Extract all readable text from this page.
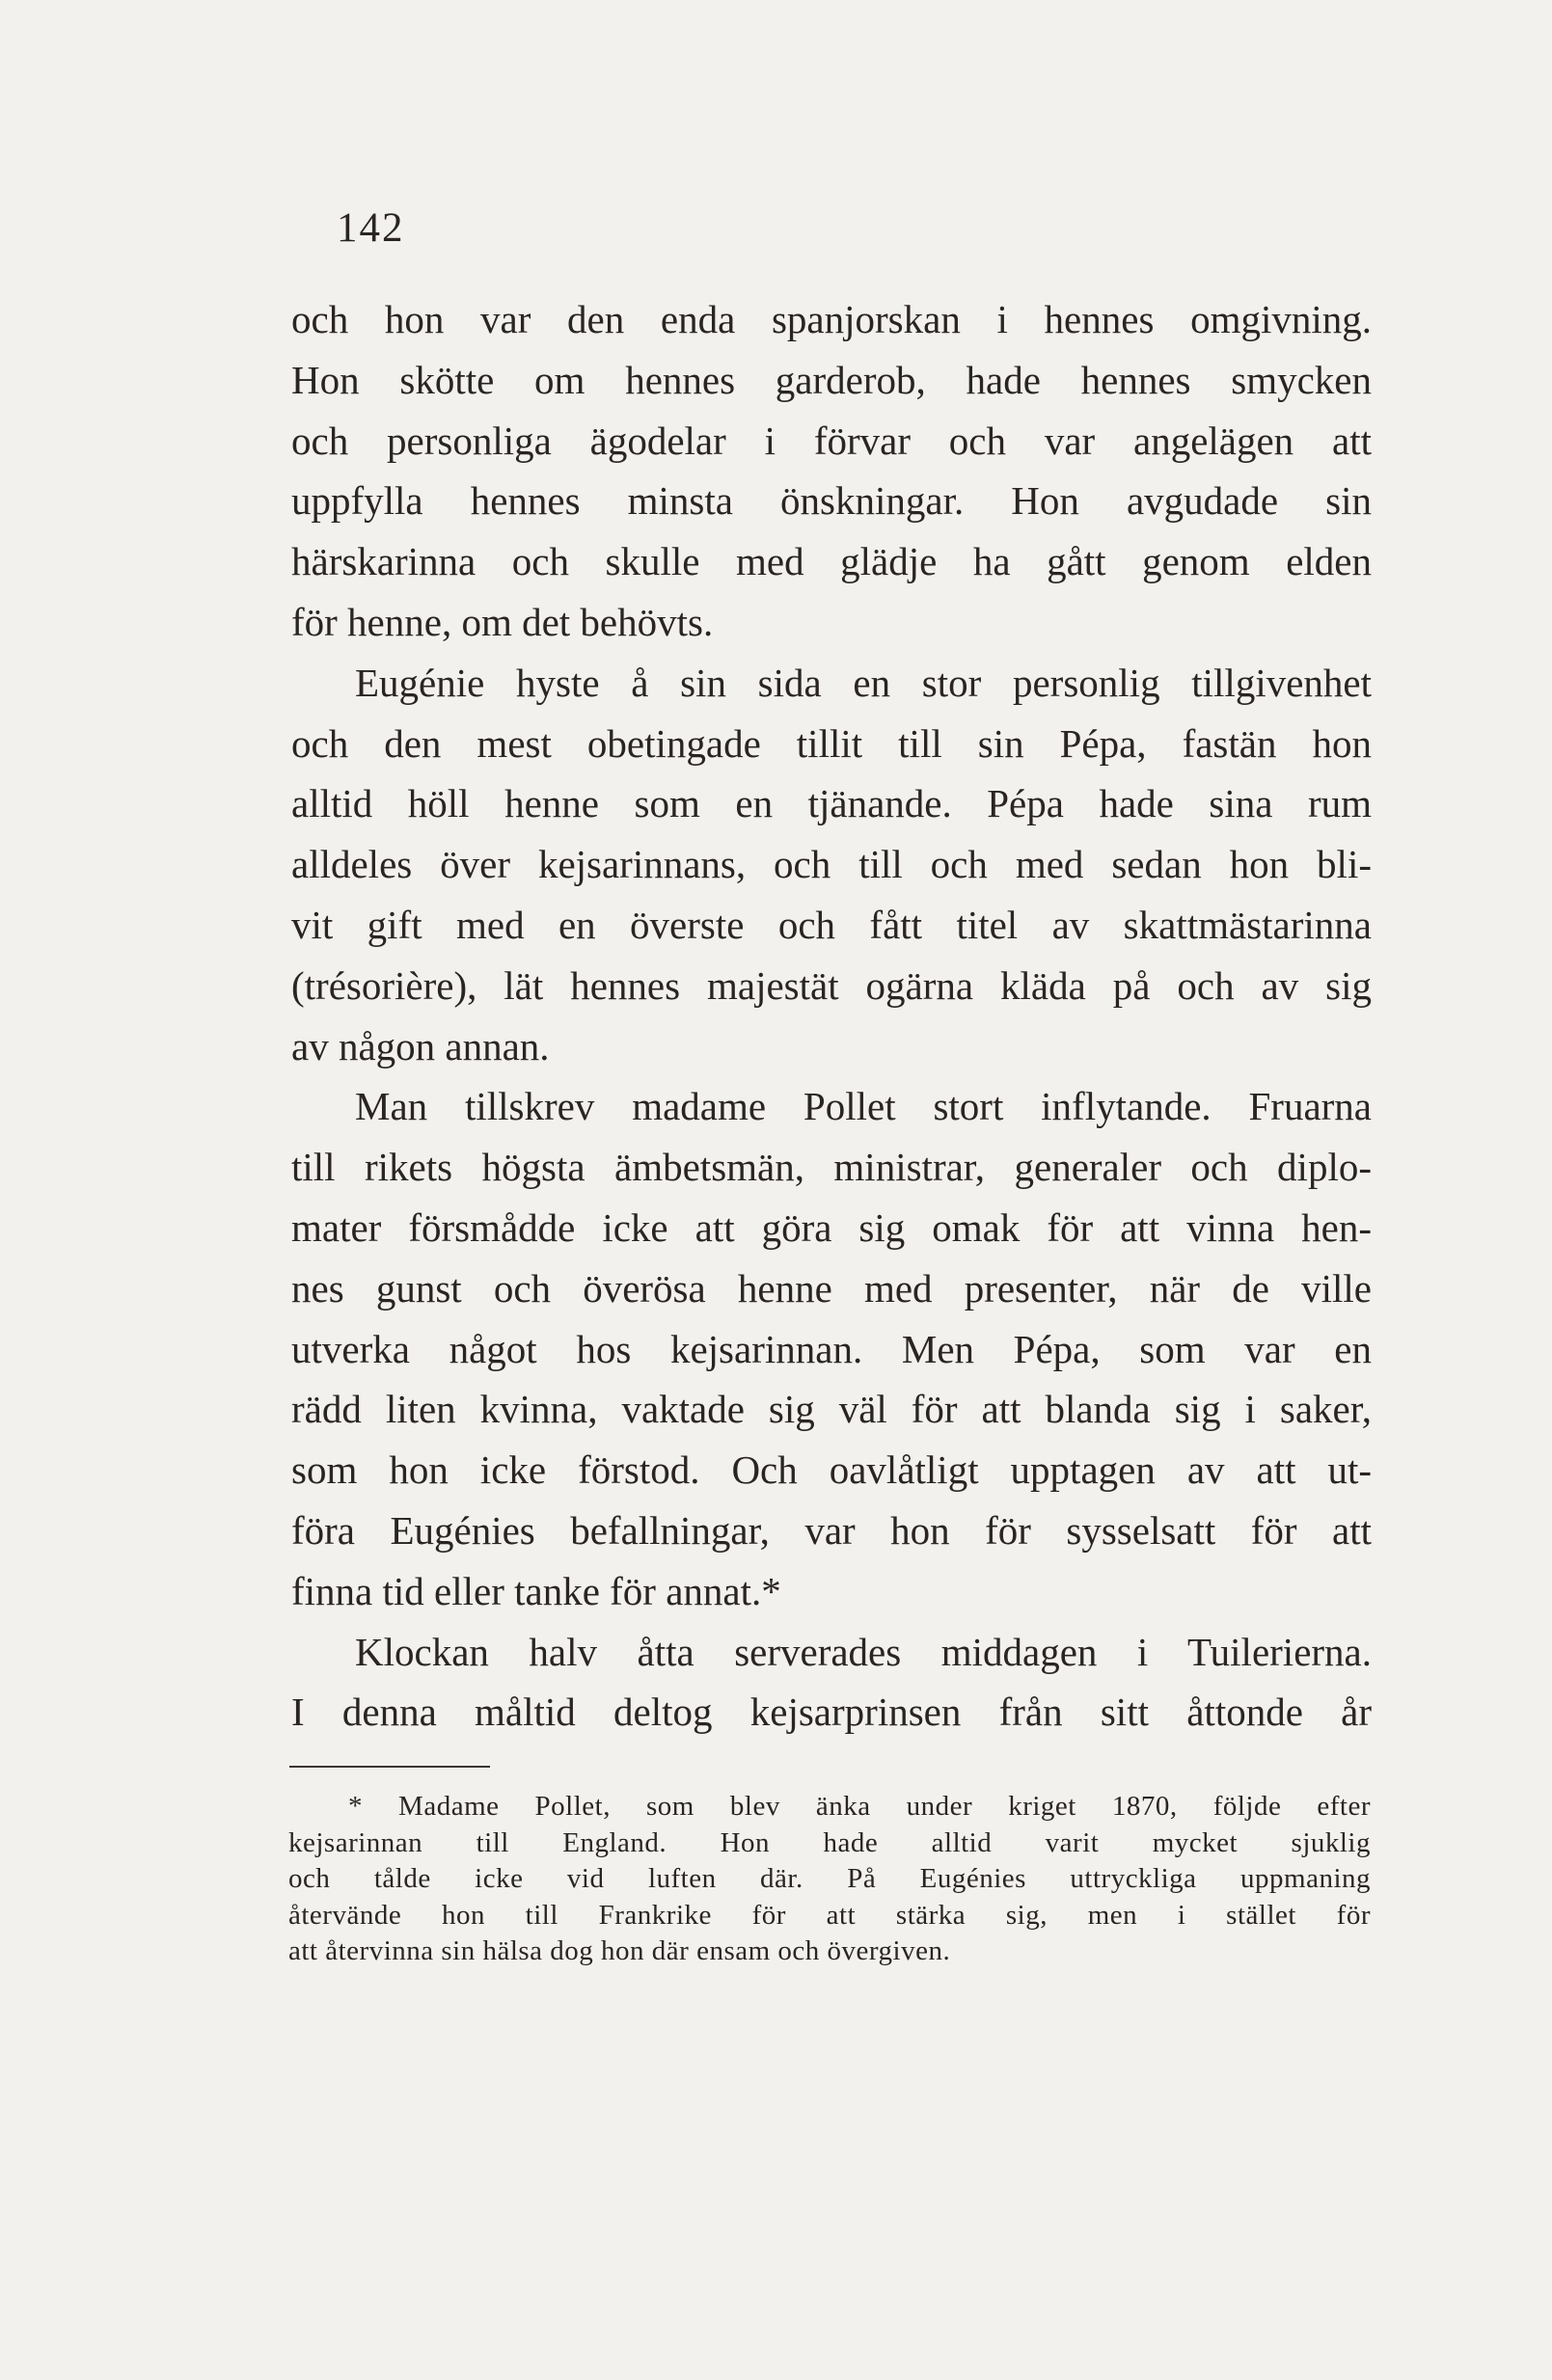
142

och hon var den enda spanjorskan i hennes omgivning.
Hon skötte om hennes garderob, hade hennes smycken
och personliga ägodelar i förvar och var angelägen att
uppfylla hennes minsta önskningar. Hon avgudade sin
härskarinna och skulle med glädje ha gått genom elden
för henne, om det behövts.

Eugénie hyste å sin sida en stor personlig tillgivenhet
och den mest obetingade tillit till sin Pépa, fastän hon
alltid höll henne som en tjänande. Pépa hade sina rum
alldeles över kejsarinnans, och till och med sedan hon bli-
vit gift med en överste och fått titel av skattmästarinna
(trésorière), lät hennes majestät ogärna kläda på och av sig
av någon annan.

Man tillskrev madame Pollet stort inflytande. Fruarna
till rikets högsta ämbetsmän, ministrar, generaler och diplo-
mater försmådde icke att göra sig omak för att vinna hen-
nes gunst och överösa henne med presenter, när de ville
utverka något hos kejsarinnan. Men Pépa, som var en
rädd liten kvinna, vaktade sig väl för att blanda sig i saker,
som hon icke förstod. Och oavlåtligt upptagen av att ut-
föra Eugénies befallningar, var hon för sysselsatt för att
finna tid eller tanke för annat.*

Klockan halv åtta serverades middagen i Tuilerierna.
I denna måltid deltog kejsarprinsen från sitt åttonde år

* Madame Pollet, som blev änka under kriget 1870, följde efter
kejsarinnan till England. Hon hade alltid varit mycket sjuklig
och tålde icke vid luften där. På Eugénies uttryckliga uppmaning
återvände hon till Frankrike för att stärka sig, men i stället för
att återvinna sin hälsa dog hon där ensam och övergiven.
